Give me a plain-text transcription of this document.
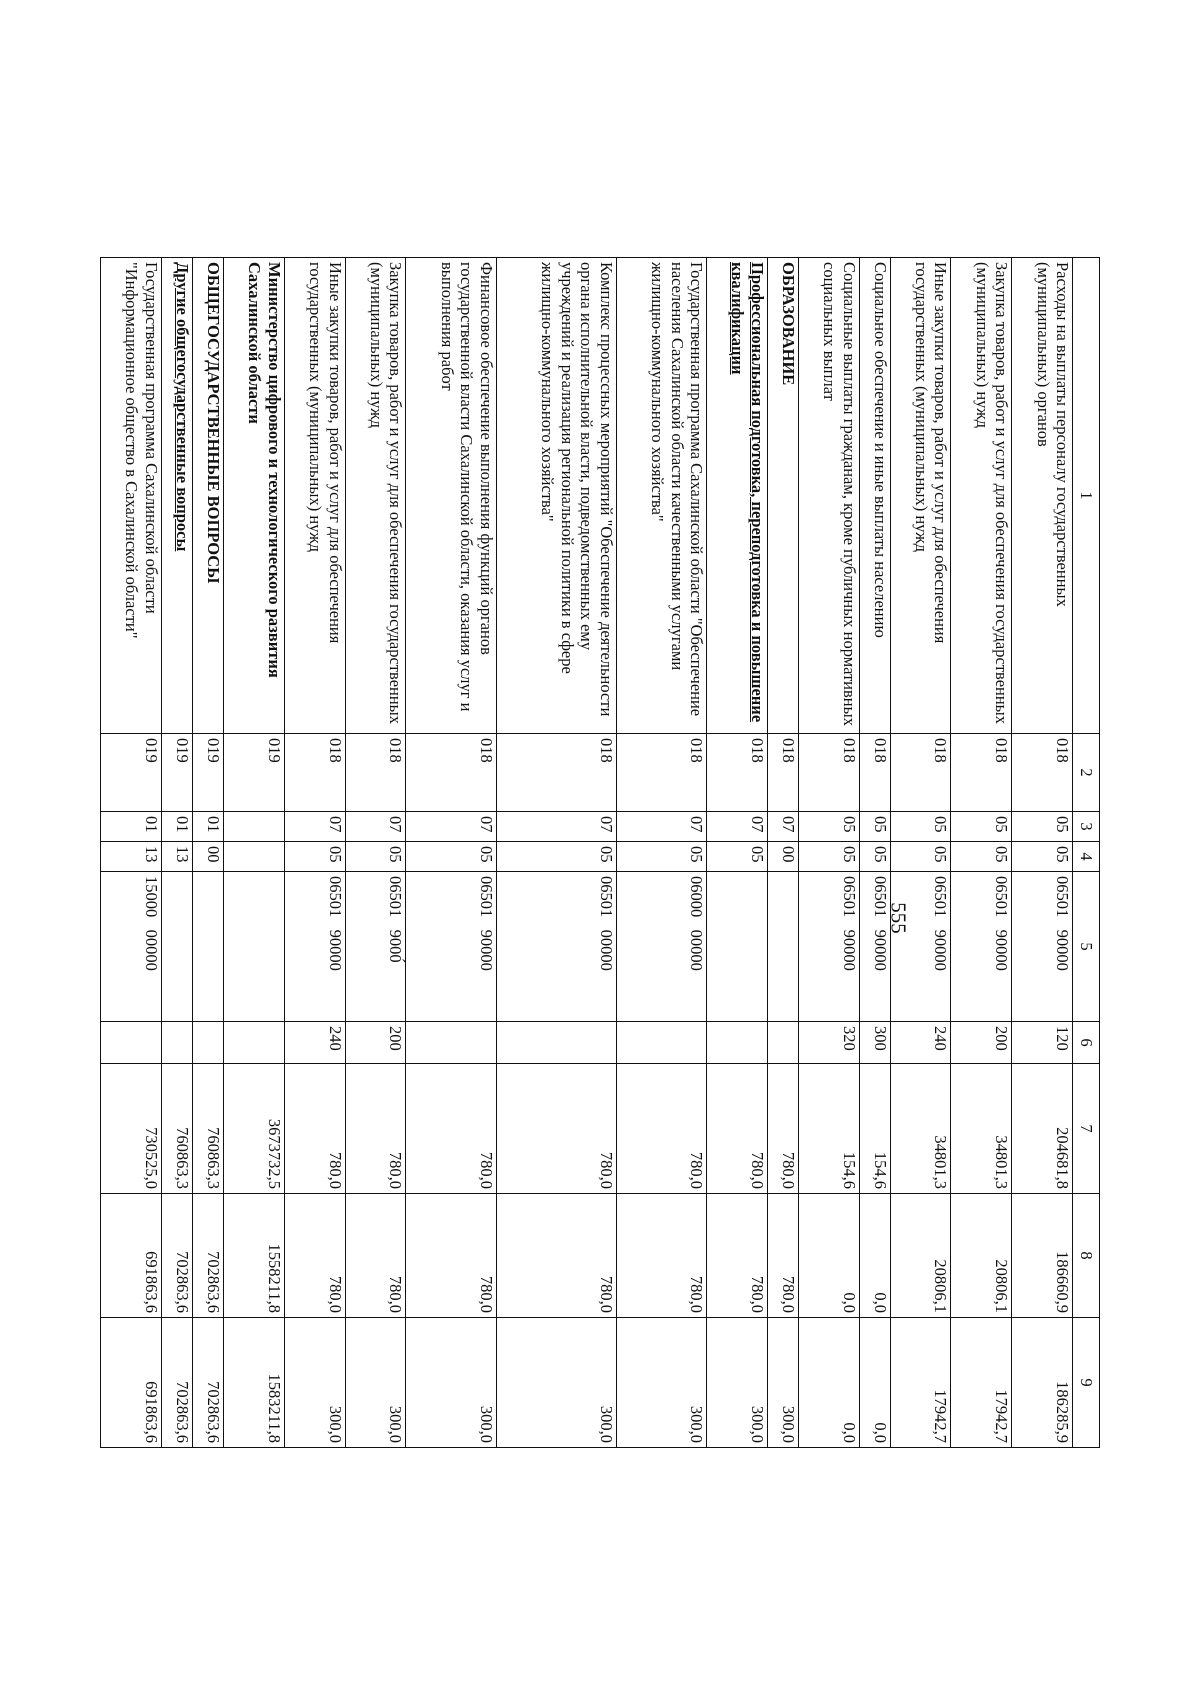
555
1	2	3	4	5	6	7	8	9
Расходы на выплаты персоналу государственных (муниципальных) органов	018	05	05	06501   90000	120	204681,8	186660,9	186285,9
Закупка товаров, работ и услуг для обеспечения государственных (муниципальных) нужд	018	05	05	06501   90000	200	34801,3	20806,1	17942,7
Иные закупки товаров, работ и услуг для обеспечения государственных (муниципальных) нужд	018	05	05	06501   90000	240	34801,3	20806,1	17942,7
Социальное обеспечение и иные выплаты населению	018	05	05	06501   90000	300	154,6	0,0	0,0
Социальные выплаты гражданам, кроме публичных нормативных социальных выплат	018	05	05	06501   90000	320	154,6	0,0	0,0
ОБРАЗОВАНИЕ	018	07	00			780,0	780,0	300,0
Профессиональная подготовка, переподготовка и повышение квалификации	018	07	05			780,0	780,0	300,0
Государственная программа Сахалинской области "Обеспечение населения Сахалинской области качественными услугами жилищно-коммунального хозяйства"	018	07	05	06000   00000		780,0	780,0	300,0
Комплекс процессных мероприятий "Обеспечение деятельности органа исполнительной власти, подведомственных ему учреждений и реализация региональной политики в сфере жилищно-коммунального хозяйства"	018	07	05	06501   00000		780,0	780,0	300,0
Финансовое обеспечение выполнения функций органов государственной власти Сахалинской области, оказания услуг и выполнения работ	018	07	05	06501   90000		780,0	780,0	300,0
Закупка товаров, работ и услуг для обеспечения государственных (муниципальных) нужд	018	07	05	06501   9000́	200	780,0	780,0	300,0
Иные закупки товаров, работ и услуг для обеспечения государственных (муниципальных) нужд	018	07	05	06501   90000	240	780,0	780,0	300,0
Министерство цифрового и технологического развития Сахалинской области	019					3673732,5	1558211,8	1583211,8
ОБЩЕГОСУДАРСТВЕННЫЕ ВОПРОСЫ	019	01	00			760863,3	702863,6	702863,6
Другие общегосударственные вопросы	019	01	13			760863,3	702863,6	702863,6
Государственная программа Сахалинской области "Информационное общество в Сахалинской области"	019	01	13	15000   00000		730525,0	691863,6	691863,6
